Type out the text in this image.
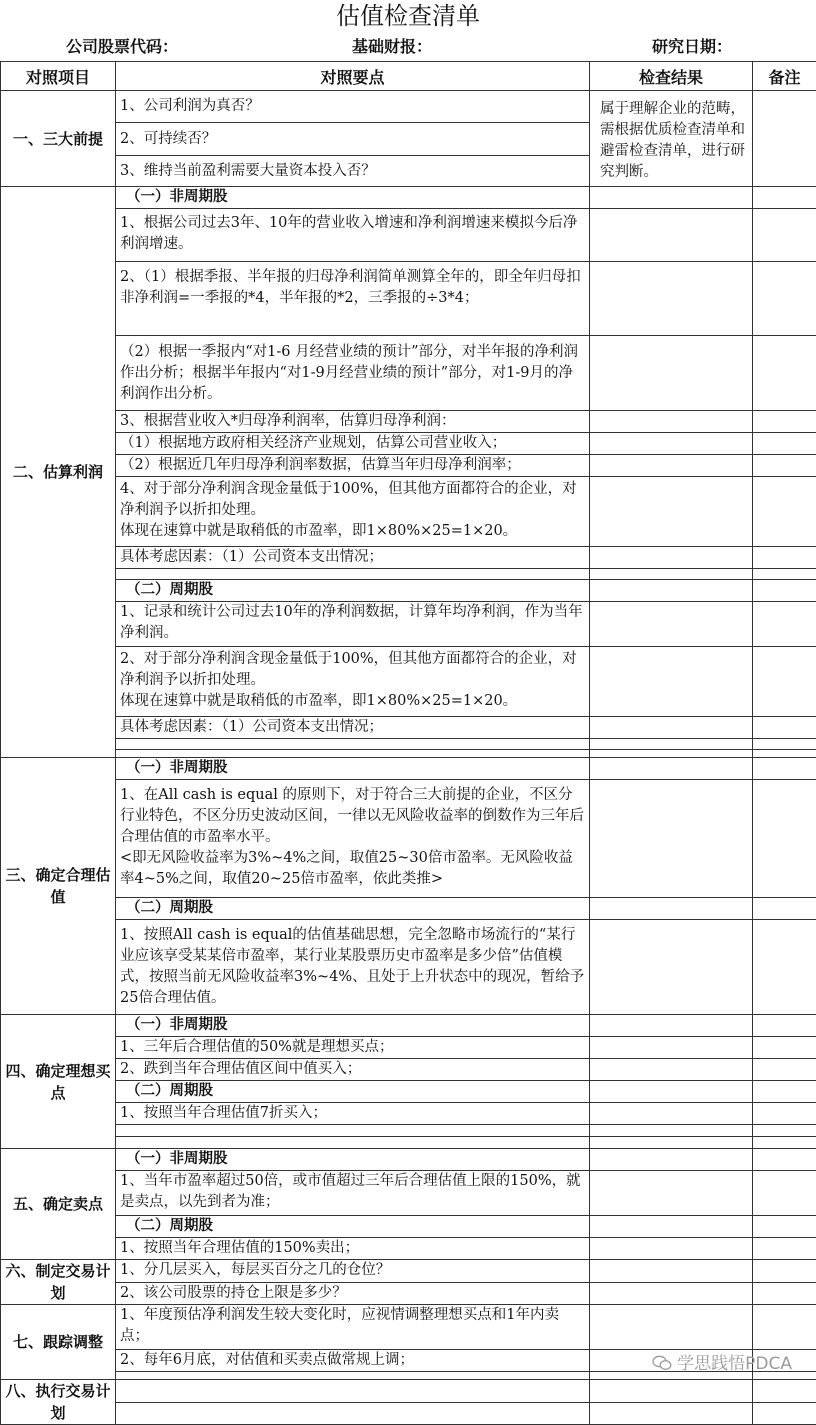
估值检查清单
公司股票代码：	基础财报：	研究日期：
对照项目	对照要点	检查结果	备注
一、三大前提	1、公司利润为真否？	属于理解企业的范畴，需根据优质检查清单和避雷检查清单，进行研究判断。	
	2、可持续否？		
	3、维持当前盈利需要大量资本投入否？		
二、估算利润	（一）非周期股		
	1、根据公司过去3年、10年的营业收入增速和净利润增速来模拟今后净利润增速。		
	2、（1）根据季报、半年报的归母净利润简单测算全年的，即全年归母扣非净利润=一季报的*4，半年报的*2，三季报的÷3*4；		
	（2）根据一季报内“对1-6 月经营业绩的预计”部分，对半年报的净利润作出分析；根据半年报内“对1-9月经营业绩的预计”部分，对1-9月的净利润作出分析。		
	3、根据营业收入*归母净利润率，估算归母净利润：		
	（1）根据地方政府相关经济产业规划，估算公司营业收入；		
	（2）根据近几年归母净利润率数据，估算当年归母净利润率；		

	4、对于部分净利润含现金量低于100%，但其他方面都符合的企业，对净利润予以折扣处理。
体现在速算中就是取稍低的市盈率，即1×80%×25=1×20。		

	具体考虑因素：（1）公司资本支出情况；		

	（二）周期股		
	1、记录和统计公司过去10年的净利润数据，计算年均净利润，作为当年净利润。		

	2、对于部分净利润含现金量低于100%，但其他方面都符合的企业，对净利润予以折扣处理。
体现在速算中就是取稍低的市盈率，即1×80%×25=1×20。		

	具体考虑因素：（1）公司资本支出情况；		

三、确定合理估值	（一）非周期股		

	1、在All cash is equal 的原则下，对于符合三大前提的企业，不区分行业特色，不区分历史波动区间，一律以无风险收益率的倒数作为三年后合理估值的市盈率水平。
<即无风险收益率为3%~4%之间，取值25~30倍市盈率。无风险收益率4~5%之间，取值20~25倍市盈率，依此类推>		

	（二）周期股		
	1、按照All cash is equal的估值基础思想，完全忽略市场流行的“某行业应该享受某某倍市盈率，某行业某股票历史市盈率是多少倍”估值模式，按照当前无风险收益率3%~4%、且处于上升状态中的现况，暂给予25倍合理估值。		
四、确定理想买点	（一）非周期股		
	1、三年后合理估值的50%就是理想买点；		
	2、跌到当年合理估值区间中值买入；		
	（二）周期股		
	1、按照当年合理估值7折买入；		

五、确定卖点	（一）非周期股		
	1、当年市盈率超过50倍，或市值超过三年后合理估值上限的150%，就是卖点，以先到者为准；		
	（二）周期股		
	1、按照当年合理估值的150%卖出；		
六、制定交易计划	1、分几层买入，每层买百分之几的仓位？		
	2、该公司股票的持仓上限是多少？		
七、跟踪调整	1、年度预估净利润发生较大变化时，应视情调整理想买点和1年内卖点；		
	2、每年6月底，对估值和买卖点做常规上调；		

八、执行交易计划			

学思践悟PDCA
